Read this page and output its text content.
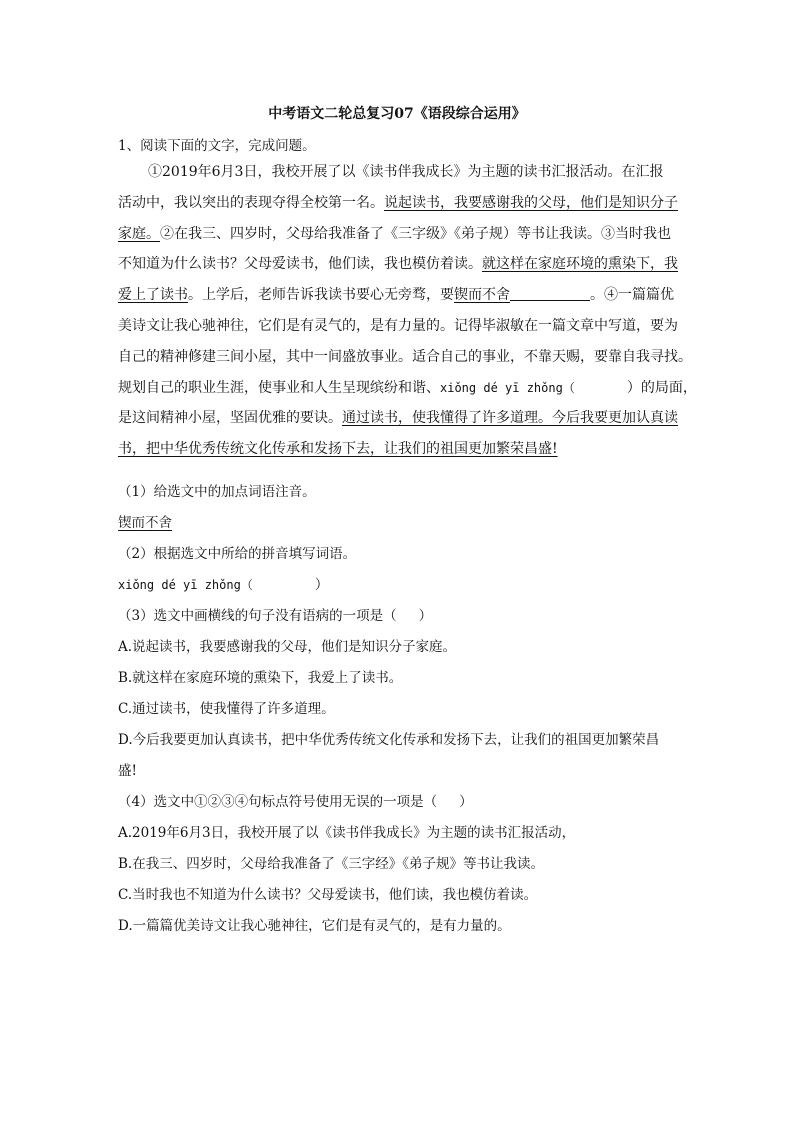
中考语文二轮总复习07《语段综合运用》
1、阅读下面的文字，完成问题。
①2019年6月3日，我校开展了以《读书伴我成长》为主题的读书汇报活动。在汇报
活动中，我以突出的表现夺得全校第一名。说起读书，我要感谢我的父母，他们是知识分子
家庭。②在我三、四岁时，父母给我准备了《三字级》《弟子规）等书让我读。③当时我也
不知道为什么读书？父母爱读书，他们读，我也模仿着读。就这样在家庭环境的熏染下，我
爱上了读书。上学后，老师告诉我读书要心无旁骛，要锲而不舍	。④一篇篇优
美诗文让我心驰神往，它们是有灵气的，是有力量的。记得毕淑敏在一篇文章中写道，要为
自己的精神修建三间小屋，其中一间盛放事业。适合自己的事业，不靠天赐，要靠自我寻找。
规划自己的职业生涯，使事业和人生呈现缤纷和谐、xiǒng dé yī zhǒng（	）的局面，
是这间精神小屋，坚固优雅的要诀。通过读书，使我懂得了许多道理。今后我要更加认真读
书，把中华优秀传统文化传承和发扬下去，让我们的祖国更加繁荣昌盛!
（1）给选文中的加点词语注音。
锲而不舍
（2）根据选文中所给的拼音填写词语。
xiǒng dé yī zhǒng（	）
（3）选文中画横线的句子没有语病的一项是（ ）
A.说起读书，我要感谢我的父母，他们是知识分子家庭。
B.就这样在家庭环境的熏染下，我爱上了读书。
C.通过读书，使我懂得了许多道理。
D.今后我要更加认真读书，把中华优秀传统文化传承和发扬下去，让我们的祖国更加繁荣昌
盛!
（4）选文中①②③④句标点符号使用无误的一项是（ ）
A.2019年6月3日，我校开展了以《读书伴我成长》为主题的读书汇报活动，
B.在我三、四岁时，父母给我准备了《三字经》《弟子规》等书让我读。
C.当时我也不知道为什么读书？父母爱读书，他们读，我也模仿着读。
D.一篇篇优美诗文让我心驰神往，它们是有灵气的，是有力量的。
